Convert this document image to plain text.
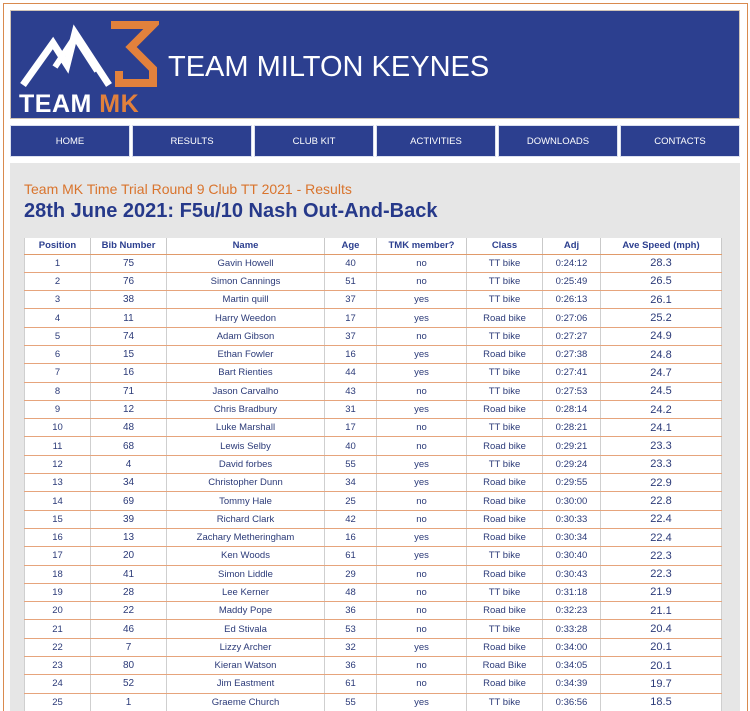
TEAM MK
TEAM MILTON KEYNES
HOME	RESULTS	CLUB KIT	ACTIVITIES	DOWNLOADS	CONTACTS
Team MK Time Trial Round 9 Club TT 2021 - Results
28th June 2021: F5u/10 Nash Out-And-Back
Position	Bib Number	Name	Age	TMK member?	Class	Adj	Ave Speed (mph)
1	75	Gavin Howell	40	no	TT bike	0:24:12	28.3
2	76	Simon Cannings	51	no	TT bike	0:25:49	26.5
3	38	Martin quill	37	yes	TT bike	0:26:13	26.1
4	11	Harry Weedon	17	yes	Road bike	0:27:06	25.2
5	74	Adam Gibson	37	no	TT bike	0:27:27	24.9
6	15	Ethan Fowler	16	yes	Road bike	0:27:38	24.8
7	16	Bart Rienties	44	yes	TT bike	0:27:41	24.7
8	71	Jason Carvalho	43	no	TT bike	0:27:53	24.5
9	12	Chris Bradbury	31	yes	Road bike	0:28:14	24.2
10	48	Luke Marshall	17	no	TT bike	0:28:21	24.1
11	68	Lewis Selby	40	no	Road bike	0:29:21	23.3
12	4	David forbes	55	yes	TT bike	0:29:24	23.3
13	34	Christopher Dunn	34	yes	Road bike	0:29:55	22.9
14	69	Tommy Hale	25	no	Road bike	0:30:00	22.8
15	39	Richard Clark	42	no	Road bike	0:30:33	22.4
16	13	Zachary Metheringham	16	yes	Road bike	0:30:34	22.4
17	20	Ken Woods	61	yes	TT bike	0:30:40	22.3
18	41	Simon Liddle	29	no	Road bike	0:30:43	22.3
19	28	Lee Kerner	48	no	TT bike	0:31:18	21.9
20	22	Maddy Pope	36	no	Road bike	0:32:23	21.1
21	46	Ed Stivala	53	no	TT bike	0:33:28	20.4
22	7	Lizzy Archer	32	yes	Road bike	0:34:00	20.1
23	80	Kieran Watson	36	no	Road Bike	0:34:05	20.1
24	52	Jim Eastment	61	no	Road bike	0:34:39	19.7
25	1	Graeme Church	55	yes	TT bike	0:36:56	18.5
